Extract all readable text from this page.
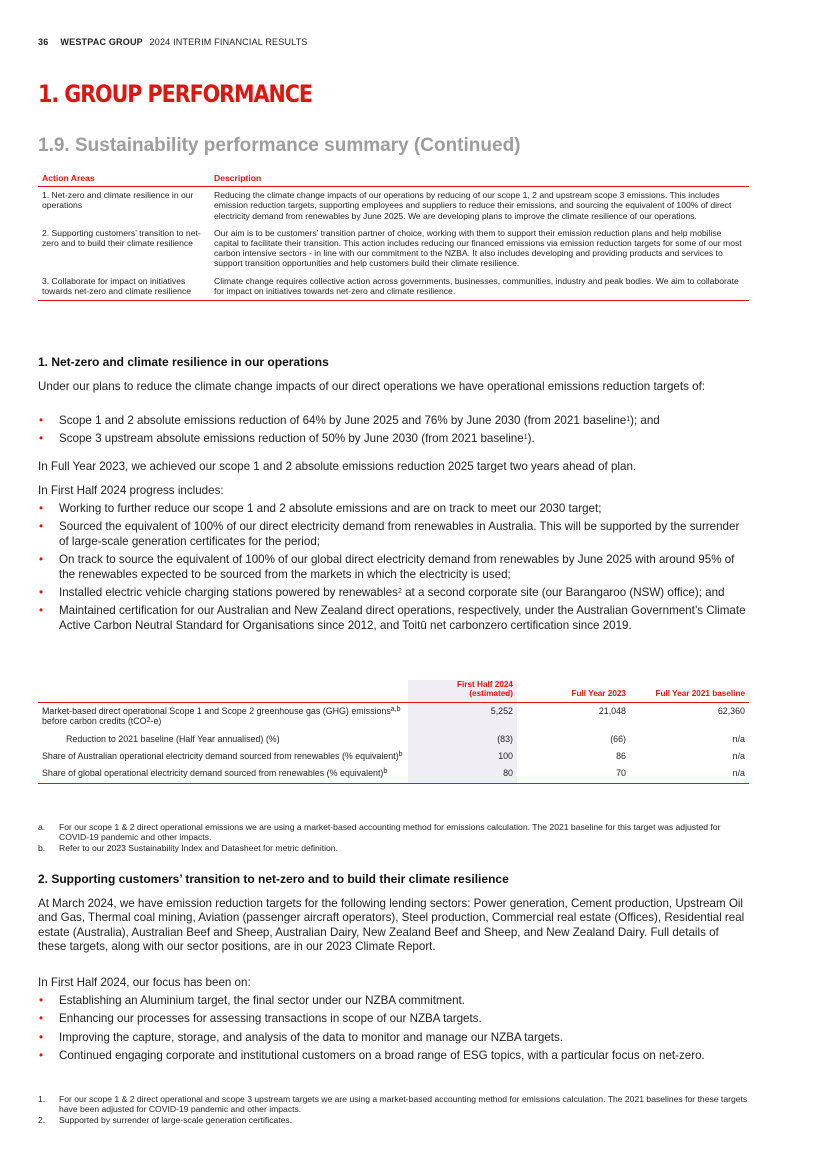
36 WESTPAC GROUP 2024 INTERIM FINANCIAL RESULTS
1. GROUP PERFORMANCE
1.9. Sustainability performance summary (Continued)
Action Areas	Description
1. Net-zero and climate resilience in our operations	Reducing the climate change impacts of our operations by reducing of our scope 1, 2 and upstream scope 3 emissions. This includes emission reduction targets, supporting employees and suppliers to reduce their emissions, and sourcing the equivalent of 100% of direct electricity demand from renewables by June 2025. We are developing plans to improve the climate resilience of our operations.
2. Supporting customers’ transition to net-zero and to build their climate resilience	Our aim is to be customers’ transition partner of choice, working with them to support their emission reduction plans and help mobilise capital to facilitate their transition. This action includes reducing our financed emissions via emission reduction targets for some of our most carbon intensive sectors - in line with our commitment to the NZBA. It also includes developing and providing products and services to support transition opportunities and help customers build their climate resilience.
3. Collaborate for impact on initiatives towards net-zero and climate resilience	Climate change requires collective action across governments, businesses, communities, industry and peak bodies. We aim to collaborate for impact on initiatives towards net-zero and climate resilience.
1. Net-zero and climate resilience in our operations
Under our plans to reduce the climate change impacts of our direct operations we have operational emissions reduction targets of:
• Scope 1 and 2 absolute emissions reduction of 64% by June 2025 and 76% by June 2030 (from 2021 baseline$^1$); and
• Scope 3 upstream absolute emissions reduction of 50% by June 2030 (from 2021 baseline$^1$).
In Full Year 2023, we achieved our scope 1 and 2 absolute emissions reduction 2025 target two years ahead of plan.
In First Half 2024 progress includes:
• Working to further reduce our scope 1 and 2 absolute emissions and are on track to meet our 2030 target;
• Sourced the equivalent of 100% of our direct electricity demand from renewables in Australia. This will be supported by the surrender of large-scale generation certificates for the period;
• On track to source the equivalent of 100% of our global direct electricity demand from renewables by June 2025 with around 95% of the renewables expected to be sourced from the markets in which the electricity is used;
• Installed electric vehicle charging stations powered by renewables$^2$ at a second corporate site (our Barangaroo (NSW) office); and
• Maintained certification for our Australian and New Zealand direct operations, respectively, under the Australian Government’s Climate Active Carbon Neutral Standard for Organisations since 2012, and Toitū net carbonzero certification since 2019.
	First Half 2024 (estimated)	Full Year 2023	Full Year 2021 baseline
Market-based direct operational Scope 1 and Scope 2 greenhouse gas (GHG) emissions$^{a,b}$ before carbon credits (tCO2-e)	5,252	21,048	62,360
Reduction to 2021 baseline (Half Year annualised) (%)	(83)	(66)	n/a
Share of Australian operational electricity demand sourced from renewables (% equivalent)$^b$	100	86	n/a
Share of global operational electricity demand sourced from renewables (% equivalent)$^b$	80	70	n/a
a. For our scope 1 & 2 direct operational emissions we are using a market-based accounting method for emissions calculation. The 2021 baseline for this target was adjusted for COVID-19 pandemic and other impacts.
b. Refer to our 2023 Sustainability Index and Datasheet for metric definition.
2. Supporting customers’ transition to net-zero and to build their climate resilience
At March 2024, we have emission reduction targets for the following lending sectors: Power generation, Cement production, Upstream Oil and Gas, Thermal coal mining, Aviation (passenger aircraft operators), Steel production, Commercial real estate (Offices), Residential real estate (Australia), Australian Beef and Sheep, Australian Dairy, New Zealand Beef and Sheep, and New Zealand Dairy. Full details of these targets, along with our sector positions, are in our 2023 Climate Report.
In First Half 2024, our focus has been on:
• Establishing an Aluminium target, the final sector under our NZBA commitment.
• Enhancing our processes for assessing transactions in scope of our NZBA targets.
• Improving the capture, storage, and analysis of the data to monitor and manage our NZBA targets.
• Continued engaging corporate and institutional customers on a broad range of ESG topics, with a particular focus on net-zero.
1. For our scope 1 & 2 direct operational and scope 3 upstream targets we are using a market-based accounting method for emissions calculation. The 2021 baselines for these targets have been adjusted for COVID-19 pandemic and other impacts.
2. Supported by surrender of large-scale generation certificates.
